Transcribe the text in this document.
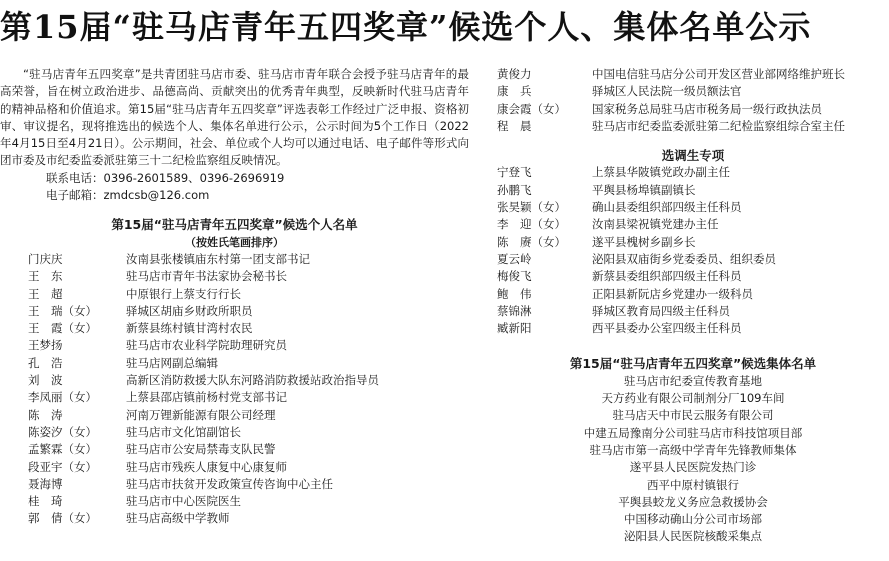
第15届“驻马店青年五四奖章”候选个人、集体名单公示

“驻马店青年五四奖章”是共青团驻马店市委、驻马店市青年联合会授予驻马店青年的最高荣誉，旨在树立政治进步、品德高尚、贡献突出的优秀青年典型，反映新时代驻马店青年的精神品格和价值追求。第15届“驻马店青年五四奖章”评选表彰工作经过广泛申报、资格初审、审议提名，现将推选出的候选个人、集体名单进行公示，公示时间为5个工作日（2022年4月15日至4月21日）。公示期间，社会、单位或个人均可以通过电话、电子邮件等形式向团市委及市纪委监委派驻第三十二纪检监察组反映情况。

联系电话：0396-2601589、0396-2696919

电子邮箱：zmdcsb@126.com

第15届“驻马店青年五四奖章”候选个人名单

（按姓氏笔画排序）

门庆庆	汝南县张楼镇庙东村第一团支部书记
王　东	驻马店市青年书法家协会秘书长
王　超	中原银行上蔡支行行长
王　瑞（女）	驿城区胡庙乡财政所职员
王　霞（女）	新蔡县练村镇甘湾村农民
王梦扬	驻马店市农业科学院助理研究员
孔　浩	驻马店网副总编辑
刘　波	高新区消防救援大队东河路消防救援站政治指导员
李凤丽（女）	上蔡县邵店镇前杨村党支部书记
陈　涛	河南万锂新能源有限公司经理
陈姿汐（女）	驻马店市文化馆副馆长
孟繁霖（女）	驻马店市公安局禁毒支队民警
段亚宇（女）	驻马店市残疾人康复中心康复师
聂海博	驻马店市扶贫开发政策宣传咨询中心主任
桂　琦	驻马店市中心医院医生
郭　倩（女）	驻马店高级中学教师
黄俊力	中国电信驻马店分公司开发区营业部网络维护班长
康　兵	驿城区人民法院一级员额法官
康会霞（女）	国家税务总局驻马店市税务局一级行政执法员
程　晨	驻马店市纪委监委派驻第二纪检监察组综合室主任

选调生专项

宁登飞	上蔡县华陂镇党政办副主任
孙鹏飞	平舆县杨埠镇副镇长
张昊颖（女）	确山县委组织部四级主任科员
李　迎（女）	汝南县梁祝镇党建办主任
陈　赓（女）	遂平县槐树乡副乡长
夏云岭	泌阳县双庙街乡党委委员、组织委员
梅俊飞	新蔡县委组织部四级主任科员
鲍　伟	正阳县新阮店乡党建办一级科员
蔡锦淋	驿城区教育局四级主任科员
臧新阳	西平县委办公室四级主任科员

第15届“驻马店青年五四奖章”候选集体名单

驻马店市纪委宣传教育基地
天方药业有限公司制剂分厂109车间
驻马店天中市民云服务有限公司
中建五局豫南分公司驻马店市科技馆项目部
驻马店市第一高级中学青年先锋教师集体
遂平县人民医院发热门诊
西平中原村镇银行
平舆县蛟龙义务应急救援协会
中国移动确山分公司市场部
泌阳县人民医院核酸采集点
